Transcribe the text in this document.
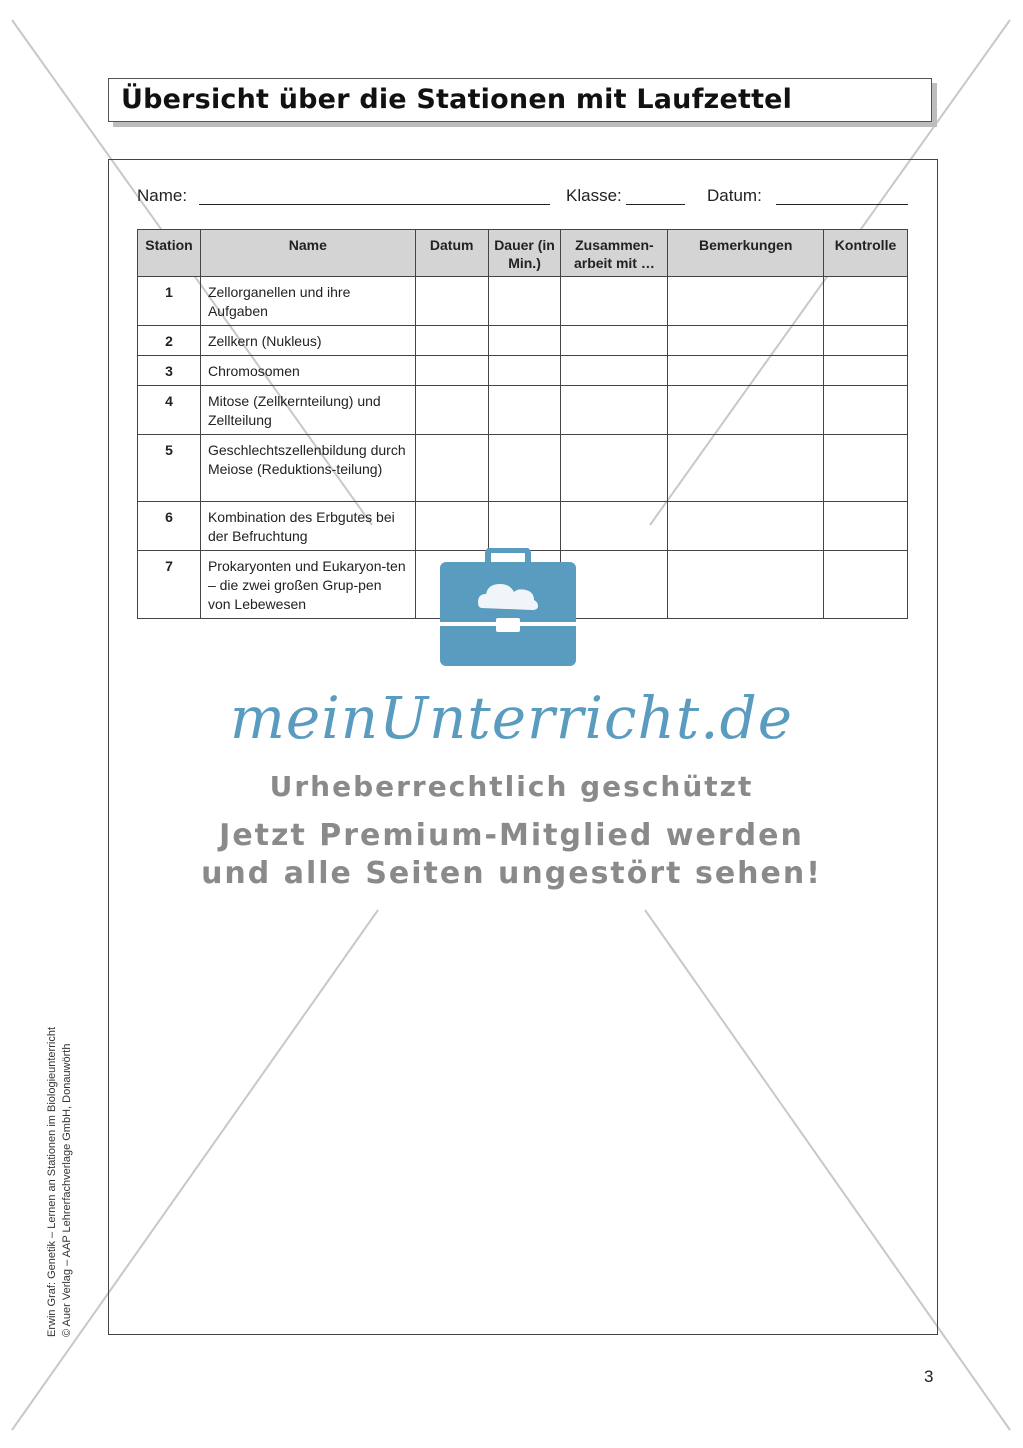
Übersicht über die Stationen mit Laufzettel
Name:	Klasse:	Datum:
Station	Name	Datum	Dauer (in Min.)	Zusammen-arbeit mit …	Bemerkungen	Kontrolle
1	Zellorganellen und ihre Aufgaben					
2	Zellkern (Nukleus)					
3	Chromosomen					
4	Mitose (Zellkernteilung) und Zellteilung					
5	Geschlechtszellenbildung durch Meiose (Reduktions-teilung)					
6	Kombination des Erbgutes bei der Befruchtung					
7	Prokaryonten und Eukaryon-ten – die zwei großen Grup-pen von Lebewesen					
meinUnterricht.de
Urheberrechtlich geschützt
Jetzt Premium-Mitglied werden
und alle Seiten ungestört sehen!
Erwin Graf: Genetik – Lernen an Stationen im Biologieunterricht © Auer Verlag – AAP Lehrerfachverlage GmbH, Donauwörth
3
